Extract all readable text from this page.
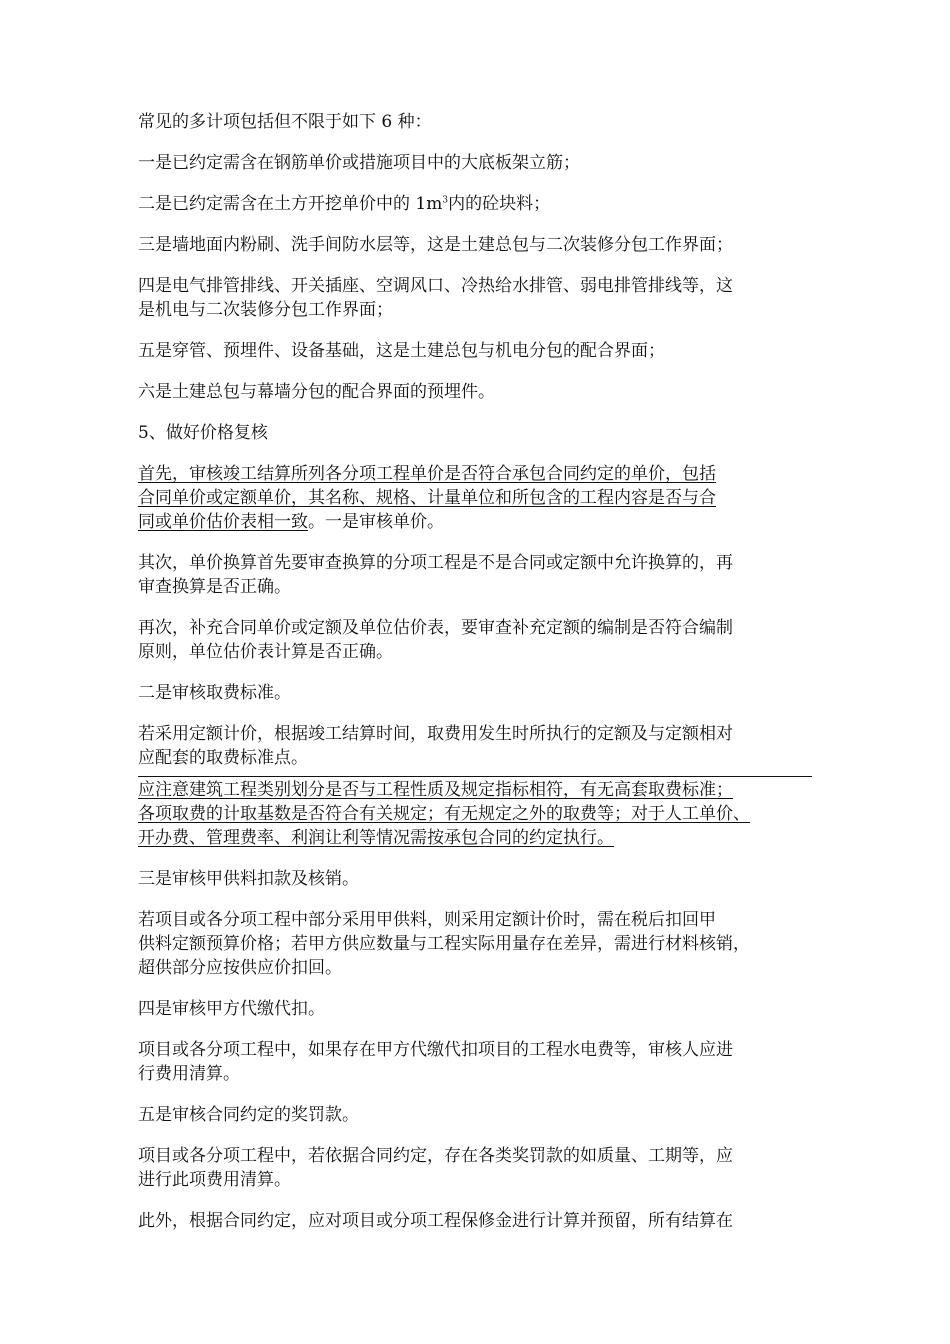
常见的多计项包括但不限于如下 6 种：
一是已约定需含在钢筋单价或措施项目中的大底板架立筋；
二是已约定需含在土方开挖单价中的 $1m^3$内的砼块料；
三是墙地面内粉刷、洗手间防水层等，这是土建总包与二次装修分包工作界面；
四是电气排管排线、开关插座、空调风口、冷热给水排管、弱电排管排线等，这
是机电与二次装修分包工作界面；
五是穿管、预埋件、设备基础，这是土建总包与机电分包的配合界面；
六是土建总包与幕墙分包的配合界面的预埋件。
5、做好价格复核
首先，审核竣工结算所列各分项工程单价是否符合承包合同约定的单价，包括
合同单价或定额单价，其名称、规格、计量单位和所包含的工程内容是否与合
同或单价估价表相一致。一是审核单价。
其次，单价换算首先要审查换算的分项工程是不是合同或定额中允许换算的，再
审查换算是否正确。
再次，补充合同单价或定额及单位估价表，要审查补充定额的编制是否符合编制
原则，单位估价表计算是否正确。
二是审核取费标准。
若采用定额计价，根据竣工结算时间，取费用发生时所执行的定额及与定额相对
应配套的取费标准点。
应注意建筑工程类别划分是否与工程性质及规定指标相符，有无高套取费标准；
各项取费的计取基数是否符合有关规定；有无规定之外的取费等；对于人工单价、
开办费、管理费率、利润让利等情况需按承包合同的约定执行。
三是审核甲供料扣款及核销。
若项目或各分项工程中部分采用甲供料，则采用定额计价时，需在税后扣回甲
供料定额预算价格；若甲方供应数量与工程实际用量存在差异，需进行材料核销，
超供部分应按供应价扣回。
四是审核甲方代缴代扣。
项目或各分项工程中，如果存在甲方代缴代扣项目的工程水电费等，审核人应进
行费用清算。
五是审核合同约定的奖罚款。
项目或各分项工程中，若依据合同约定，存在各类奖罚款的如质量、工期等，应
进行此项费用清算。
此外，根据合同约定，应对项目或分项工程保修金进行计算并预留，所有结算在
